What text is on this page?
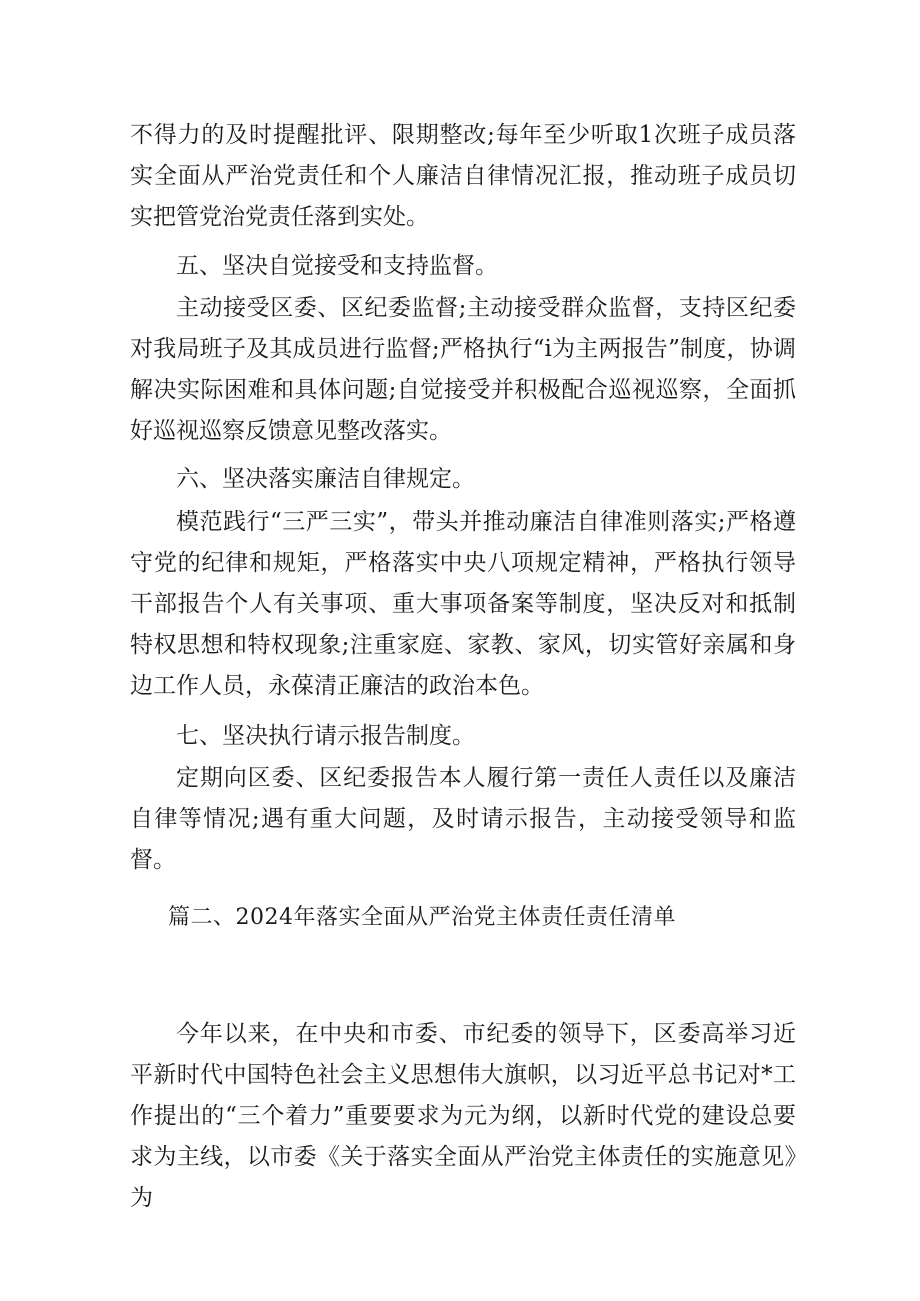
不得力的及时提醒批评、限期整改;每年至少听取1次班子成员落实全面从严治党责任和个人廉洁自律情况汇报，推动班子成员切实把管党治党责任落到实处。

五、坚决自觉接受和支持监督。

主动接受区委、区纪委监督;主动接受群众监督，支持区纪委对我局班子及其成员进行监督;严格执行“i为主两报告”制度，协调解决实际困难和具体问题;自觉接受并积极配合巡视巡察，全面抓好巡视巡察反馈意见整改落实。

六、坚决落实廉洁自律规定。

模范践行“三严三实”，带头并推动廉洁自律准则落实;严格遵守党的纪律和规矩，严格落实中央八项规定精神，严格执行领导干部报告个人有关事项、重大事项备案等制度，坚决反对和抵制特权思想和特权现象;注重家庭、家教、家风，切实管好亲属和身边工作人员，永葆清正廉洁的政治本色。

七、坚决执行请示报告制度。

定期向区委、区纪委报告本人履行第一责任人责任以及廉洁自律等情况;遇有重大问题，及时请示报告，主动接受领导和监督。

篇二、2024年落实全面从严治党主体责任责任清单

今年以来，在中央和市委、市纪委的领导下，区委高举习近平新时代中国特色社会主义思想伟大旗帜，以习近平总书记对*工作提出的“三个着力”重要要求为元为纲，以新时代党的建设总要求为主线，以市委《关于落实全面从严治党主体责任的实施意见》为
